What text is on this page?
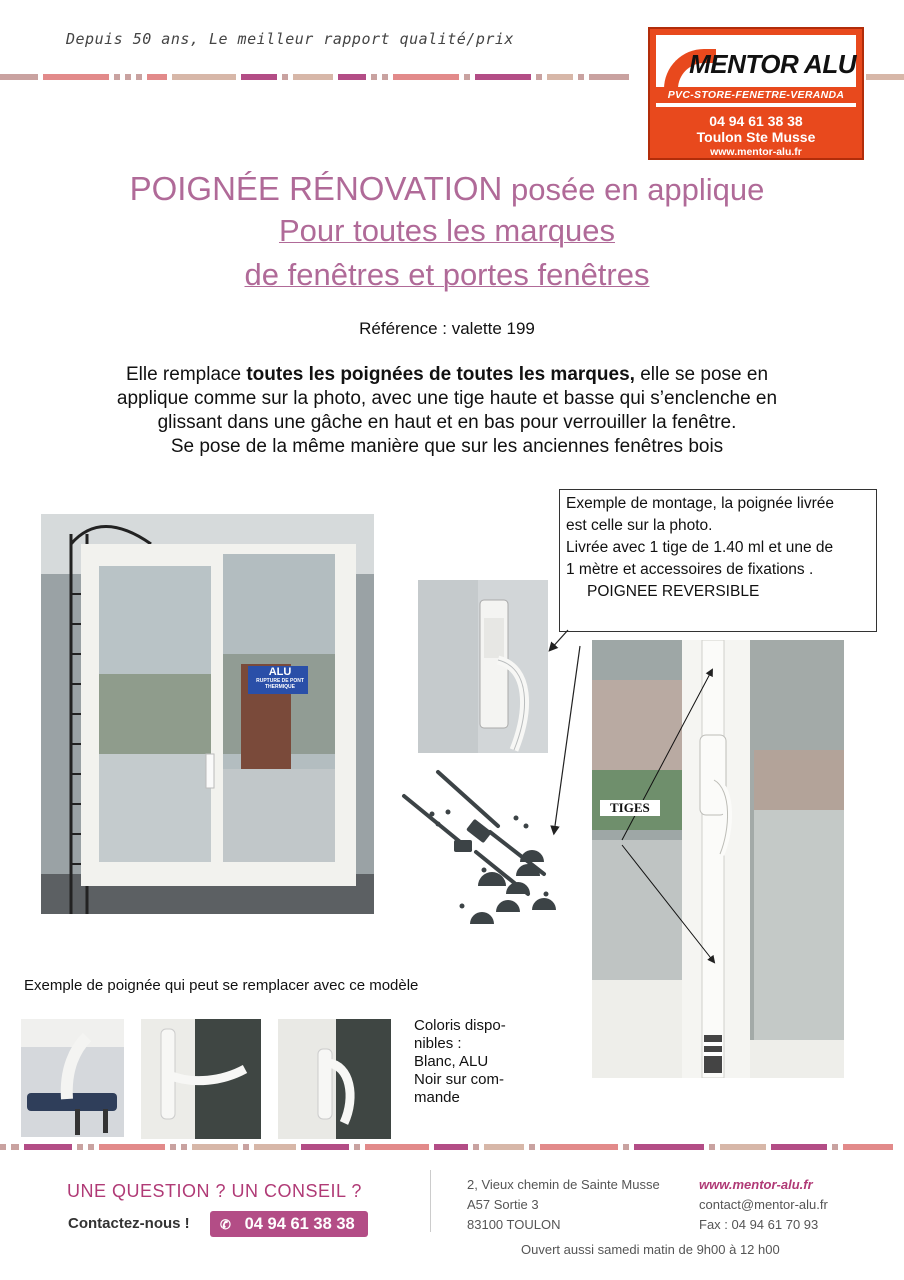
Depuis 50 ans, Le meilleur rapport qualité/prix
MENTOR ALU
PVC-STORE-FENETRE-VERANDA
04 94 61 38 38
Toulon Ste Musse
www.mentor-alu.fr
POIGNÉE RÉNOVATION posée en applique
Pour toutes les marques
de fenêtres et portes fenêtres
Référence : valette 199
Elle remplace toutes les poignées de toutes les marques, elle se pose en
applique comme sur la photo, avec une tige haute et basse qui s’enclenche en
glissant dans une gâche en haut et en bas pour verrouiller la fenêtre.
Se pose de la même manière que sur les anciennes fenêtres bois
ALU
RUPTURE DE PONT
THERMIQUE
Exemple de montage, la poignée livrée
est celle sur la photo.
Livrée avec 1 tige de 1.40 ml et une de
1 mètre et accessoires de fixations .
POIGNEE REVERSIBLE
TIGES
Exemple de poignée qui peut se remplacer avec ce modèle
Coloris dispo-
nibles :
Blanc, ALU
Noir sur com-
mande
UNE QUESTION ? UN CONSEIL ?
Contactez-nous !	✆ 04 94 61 38 38
2, Vieux chemin de Sainte Musse
A57 Sortie 3
83100 TOULON
www.mentor-alu.fr
contact@mentor-alu.fr
Fax : 04 94 61 70 93
Ouvert aussi samedi matin de 9h00 à 12 h00
